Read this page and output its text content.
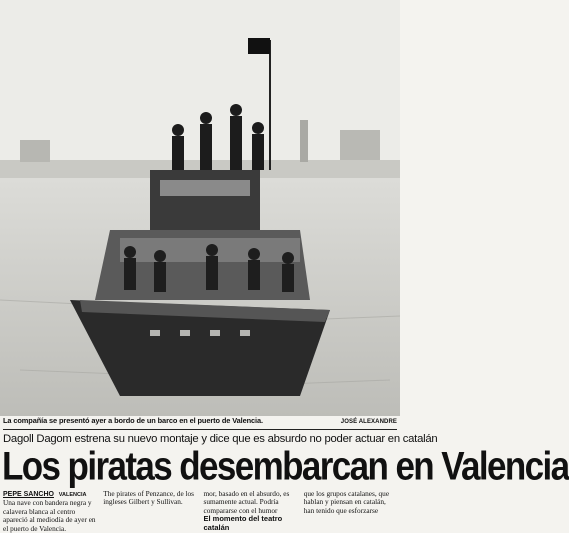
La compañía se presentó ayer a bordo de un barco en el puerto de Valencia.	JOSÉ ALEXANDRE
Dagoll Dagom estrena su nuevo montaje y dice que es absurdo no poder actuar en catalán
Los piratas desembarcan en Valencia
PEPE SANCHO VALENCIA
Una nave con bandera negra y calavera blanca al centro apareció al mediodía de ayer en el puerto de Valencia.
The pirates of Penzance, de los ingleses Gilbert y Sullivan.
mor, basado en el absurdo, es sumamente actual. Podría compararse con el humor
El momento del teatro catalán
que los grupos catalanes, que hablan y piensan en catalán, han tenido que esforzarse
